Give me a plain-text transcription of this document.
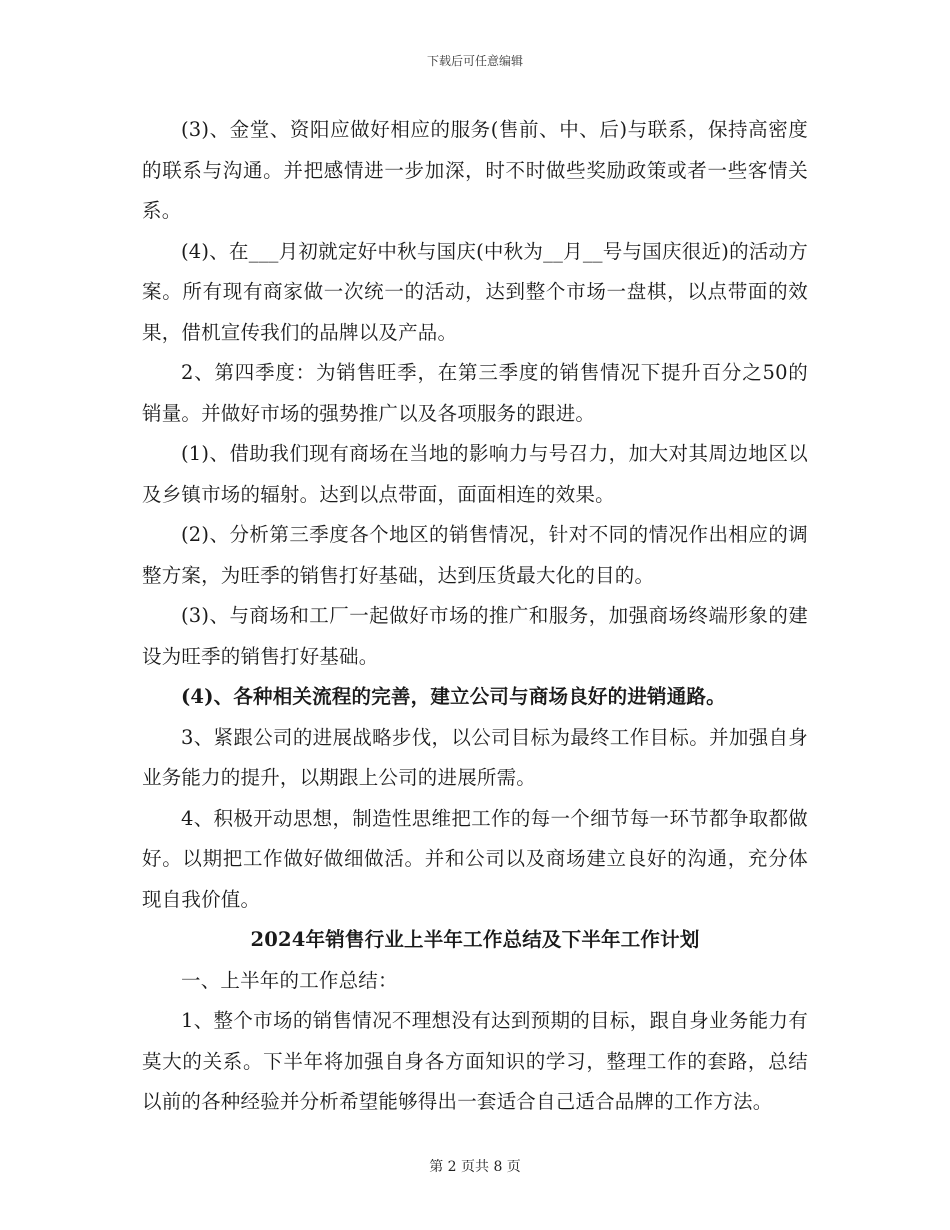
下载后可任意编辑

(3)、金堂、资阳应做好相应的服务(售前、中、后)与联系，保持高密度的联系与沟通。并把感情进一步加深，时不时做些奖励政策或者一些客情关系。

(4)、在___月初就定好中秋与国庆(中秋为__月__号与国庆很近)的活动方案。所有现有商家做一次统一的活动，达到整个市场一盘棋，以点带面的效果，借机宣传我们的品牌以及产品。

2、第四季度：为销售旺季，在第三季度的销售情况下提升百分之50的销量。并做好市场的强势推广以及各项服务的跟进。

(1)、借助我们现有商场在当地的影响力与号召力，加大对其周边地区以及乡镇市场的辐射。达到以点带面，面面相连的效果。

(2)、分析第三季度各个地区的销售情况，针对不同的情况作出相应的调整方案，为旺季的销售打好基础，达到压货最大化的目的。

(3)、与商场和工厂一起做好市场的推广和服务，加强商场终端形象的建设为旺季的销售打好基础。

(4)、各种相关流程的完善，建立公司与商场良好的进销通路。

3、紧跟公司的进展战略步伐，以公司目标为最终工作目标。并加强自身业务能力的提升，以期跟上公司的进展所需。

4、积极开动思想，制造性思维把工作的每一个细节每一环节都争取都做好。以期把工作做好做细做活。并和公司以及商场建立良好的沟通，充分体现自我价值。

2024年销售行业上半年工作总结及下半年工作计划

一、上半年的工作总结：

1、整个市场的销售情况不理想没有达到预期的目标，跟自身业务能力有莫大的关系。下半年将加强自身各方面知识的学习，整理工作的套路，总结以前的各种经验并分析希望能够得出一套适合自己适合品牌的工作方法。

第 2 页共 8 页
